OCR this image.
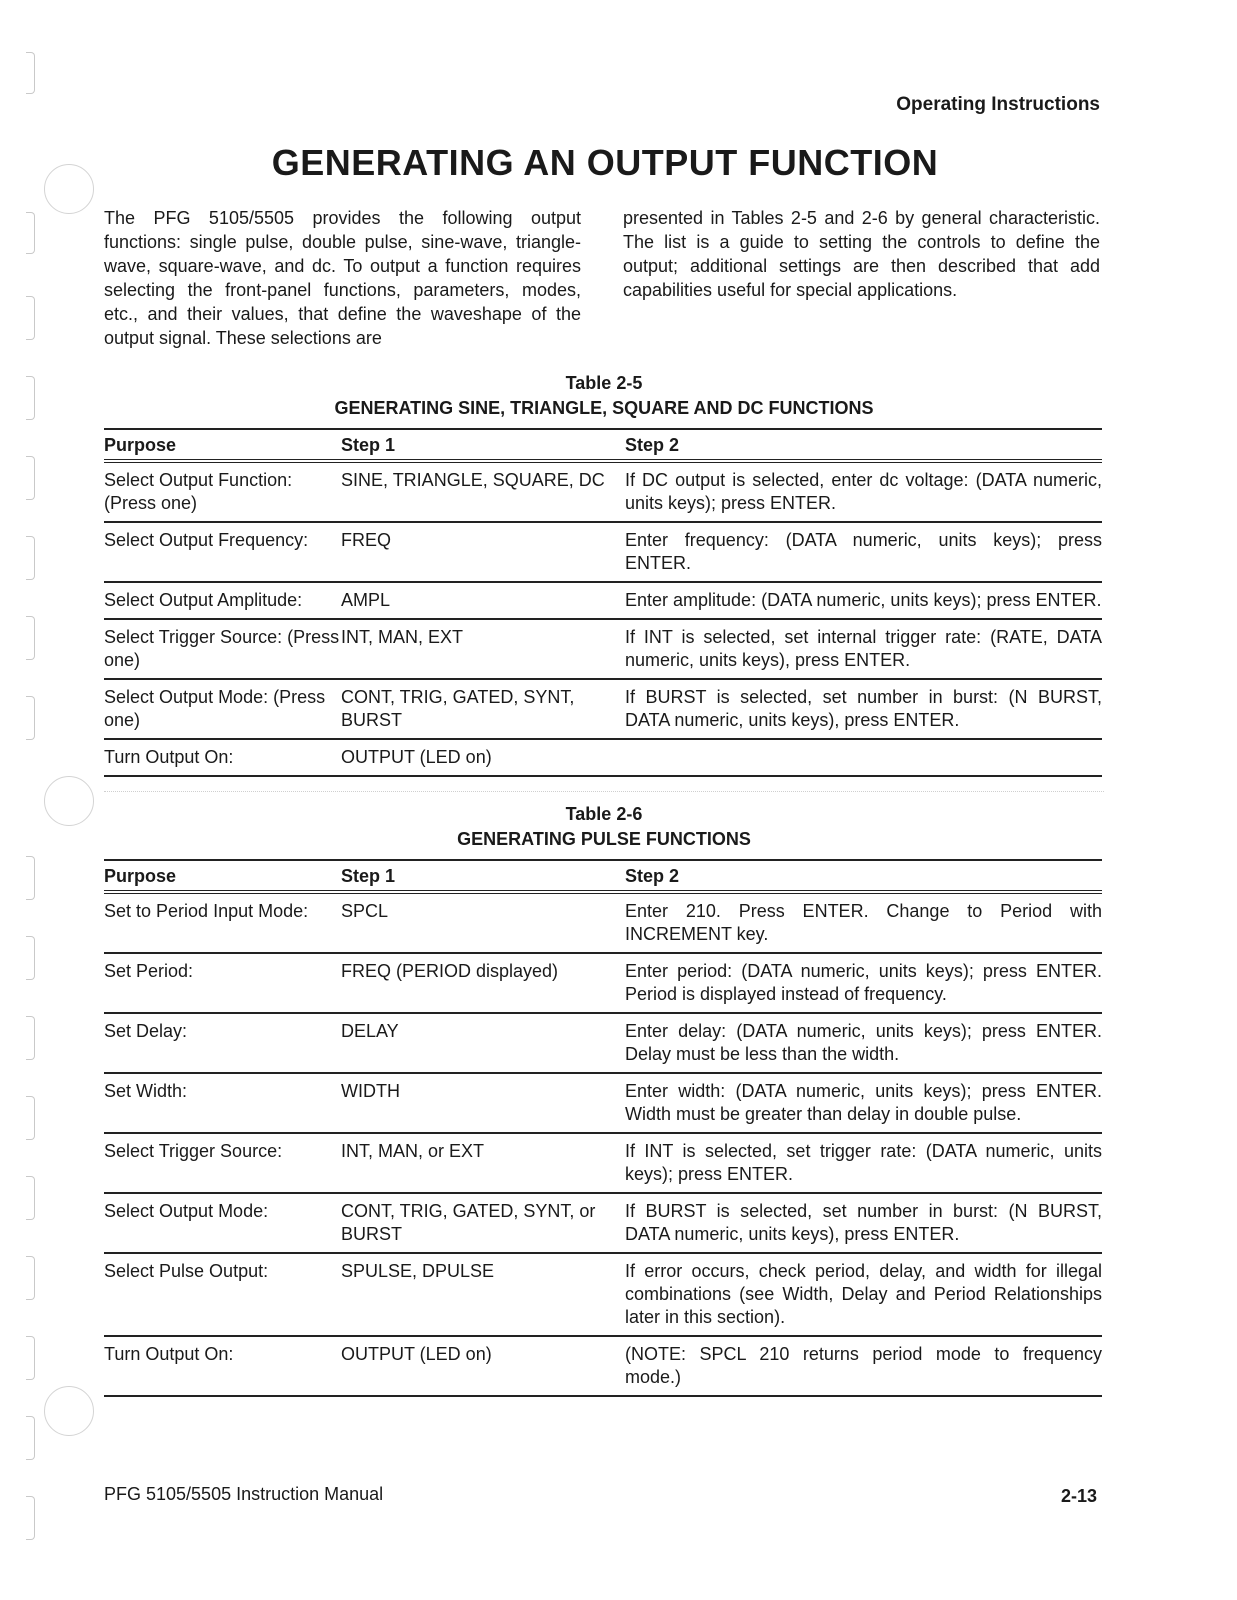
Operating Instructions
GENERATING AN OUTPUT FUNCTION

The PFG 5105/5505 provides the following output functions: single pulse, double pulse, sine-wave, triangle-wave, square-wave, and dc. To output a function requires selecting the front-panel functions, parameters, modes, etc., and their values, that define the waveshape of the output signal. These selections are

presented in Tables 2-5 and 2-6 by general characteristic. The list is a guide to setting the controls to define the output; additional settings are then described that add capabilities useful for special applications.

Table 2-5
GENERATING SINE, TRIANGLE, SQUARE AND DC FUNCTIONS
Purpose	Step 1	Step 2
Select Output Function: (Press one)	SINE, TRIANGLE, SQUARE, DC	If DC output is selected, enter dc voltage: (DATA numeric, units keys); press ENTER.
Select Output Frequency:	FREQ	Enter frequency: (DATA numeric, units keys); press ENTER.
Select Output Amplitude:	AMPL	Enter amplitude: (DATA numeric, units keys); press ENTER.
Select Trigger Source: (Press one)	INT, MAN, EXT	If INT is selected, set internal trigger rate: (RATE, DATA numeric, units keys), press ENTER.
Select Output Mode: (Press one)	CONT, TRIG, GATED, SYNT, BURST	If BURST is selected, set number in burst: (N BURST, DATA numeric, units keys), press ENTER.
Turn Output On:	OUTPUT (LED on)	
Table 2-6
GENERATING PULSE FUNCTIONS
Purpose	Step 1	Step 2
Set to Period Input Mode:	SPCL	Enter 210. Press ENTER. Change to Period with INCREMENT key.
Set Period:	FREQ (PERIOD displayed)	Enter period: (DATA numeric, units keys); press ENTER. Period is displayed instead of frequency.
Set Delay:	DELAY	Enter delay: (DATA numeric, units keys); press ENTER. Delay must be less than the width.
Set Width:	WIDTH	Enter width: (DATA numeric, units keys); press ENTER. Width must be greater than delay in double pulse.
Select Trigger Source:	INT, MAN, or EXT	If INT is selected, set trigger rate: (DATA numeric, units keys); press ENTER.
Select Output Mode:	CONT, TRIG, GATED, SYNT, or BURST	If BURST is selected, set number in burst: (N BURST, DATA numeric, units keys), press ENTER.
Select Pulse Output:	SPULSE, DPULSE	If error occurs, check period, delay, and width for illegal combinations (see Width, Delay and Period Relationships later in this section).
Turn Output On:	OUTPUT (LED on)	(NOTE: SPCL 210 returns period mode to frequency mode.)
PFG 5105/5505 Instruction Manual	2-13
